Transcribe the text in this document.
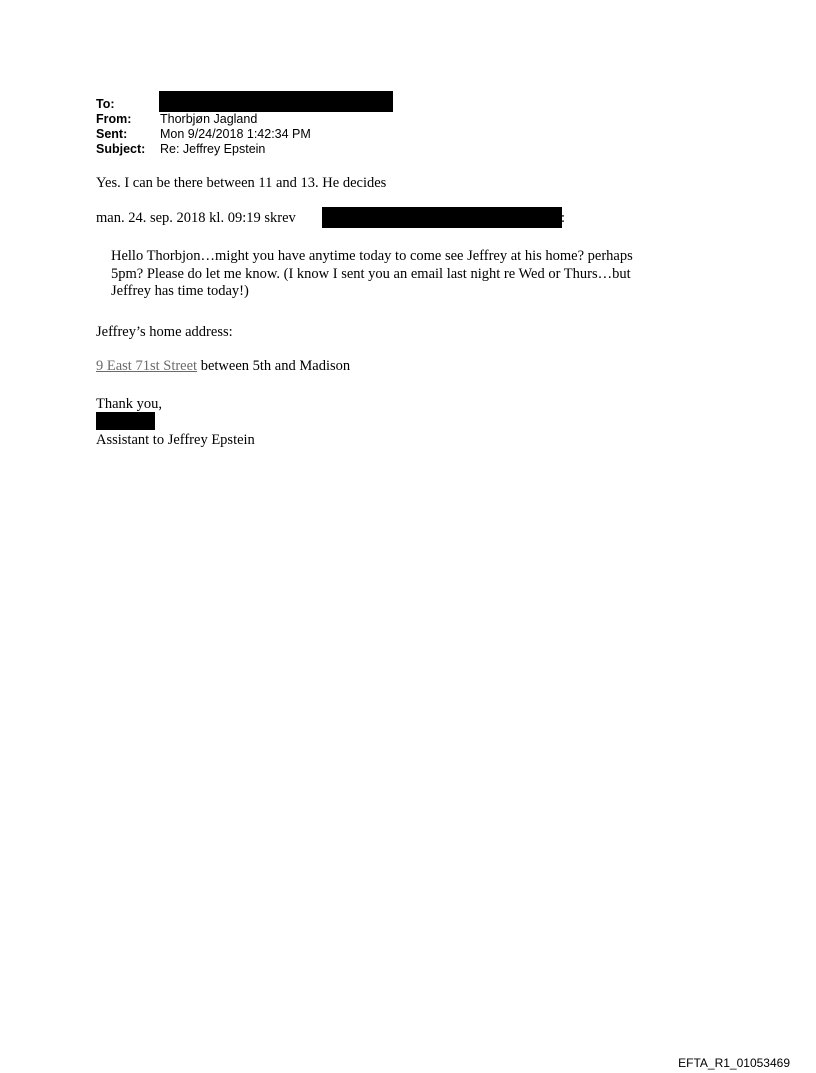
To:
From: Thorbjøn Jagland
Sent:	Mon 9/24/2018 1:42:34 PM
Subject: Re: Jeffrey Epstein
Yes. I can be there between 11 and 13. He decides
man. 24. sep. 2018 kl. 09:19 skrev	:
Hello Thorbjon…might you have anytime today to come see Jeffrey at his home? perhaps
5pm? Please do let me know. (I know I sent you an email last night re Wed or Thurs…but
Jeffrey has time today!)
Jeffrey’s home address:
9 East 71st Street between 5th and Madison
Thank you,
Assistant to Jeffrey Epstein
EFTA_R1_01053469
